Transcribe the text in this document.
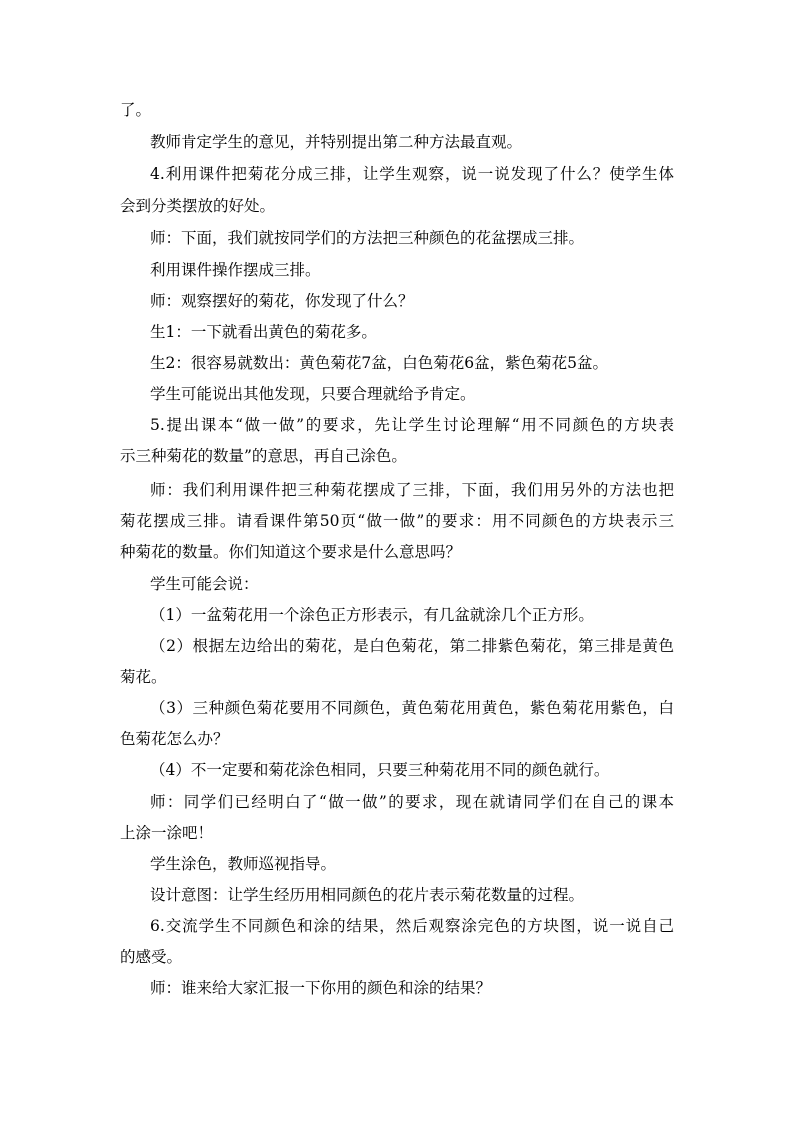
了。
教师肯定学生的意见，并特别提出第二种方法最直观。
4.利用课件把菊花分成三排，让学生观察，说一说发现了什么？使学生体
会到分类摆放的好处。
师：下面，我们就按同学们的方法把三种颜色的花盆摆成三排。
利用课件操作摆成三排。
师：观察摆好的菊花，你发现了什么？
生1：一下就看出黄色的菊花多。
生2：很容易就数出：黄色菊花7盆，白色菊花6盆，紫色菊花5盆。
学生可能说出其他发现，只要合理就给予肯定。
5.提出课本“做一做”的要求，先让学生讨论理解“用不同颜色的方块表
示三种菊花的数量”的意思，再自己涂色。
师：我们利用课件把三种菊花摆成了三排，下面，我们用另外的方法也把
菊花摆成三排。请看课件第50页“做一做”的要求：用不同颜色的方块表示三
种菊花的数量。你们知道这个要求是什么意思吗？
学生可能会说：
（1）一盆菊花用一个涂色正方形表示，有几盆就涂几个正方形。
（2）根据左边给出的菊花，是白色菊花，第二排紫色菊花，第三排是黄色
菊花。
（3）三种颜色菊花要用不同颜色，黄色菊花用黄色，紫色菊花用紫色，白
色菊花怎么办？
（4）不一定要和菊花涂色相同，只要三种菊花用不同的颜色就行。
师：同学们已经明白了“做一做”的要求，现在就请同学们在自己的课本
上涂一涂吧！
学生涂色，教师巡视指导。
设计意图：让学生经历用相同颜色的花片表示菊花数量的过程。
6.交流学生不同颜色和涂的结果，然后观察涂完色的方块图，说一说自己
的感受。
师：谁来给大家汇报一下你用的颜色和涂的结果？
